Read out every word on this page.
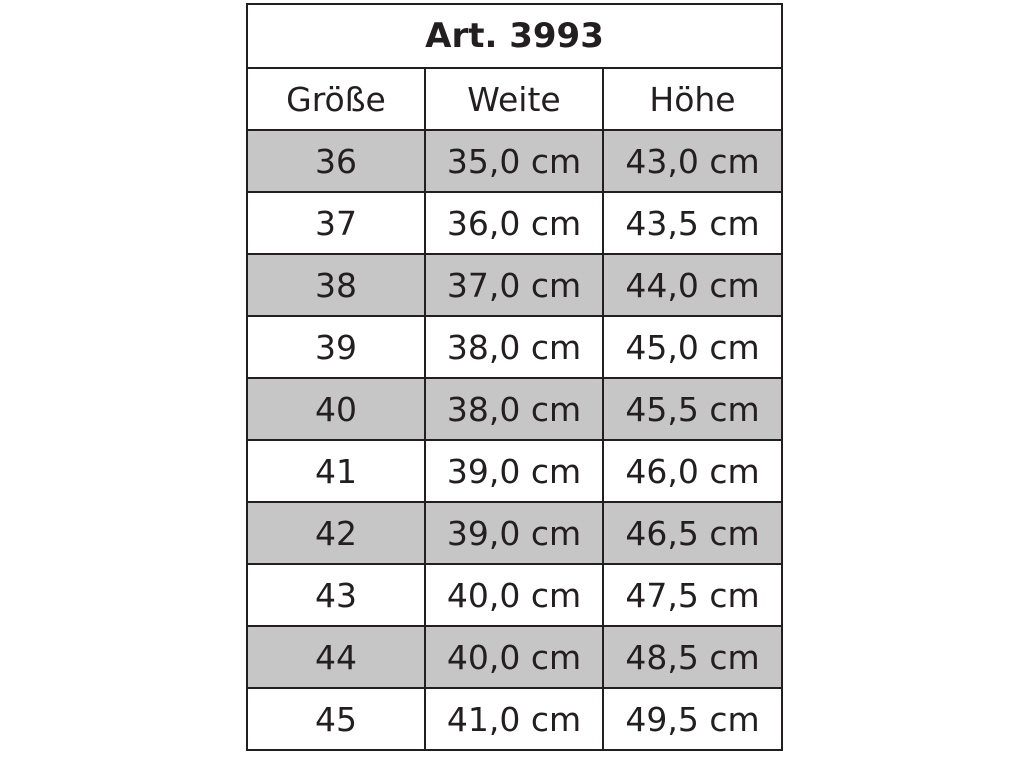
Art. 3993		
Größe	Weite	Höhe
36	35,0 cm	43,0 cm
37	36,0 cm	43,5 cm
38	37,0 cm	44,0 cm
39	38,0 cm	45,0 cm
40	38,0 cm	45,5 cm
41	39,0 cm	46,0 cm
42	39,0 cm	46,5 cm
43	40,0 cm	47,5 cm
44	40,0 cm	48,5 cm
45	41,0 cm	49,5 cm
